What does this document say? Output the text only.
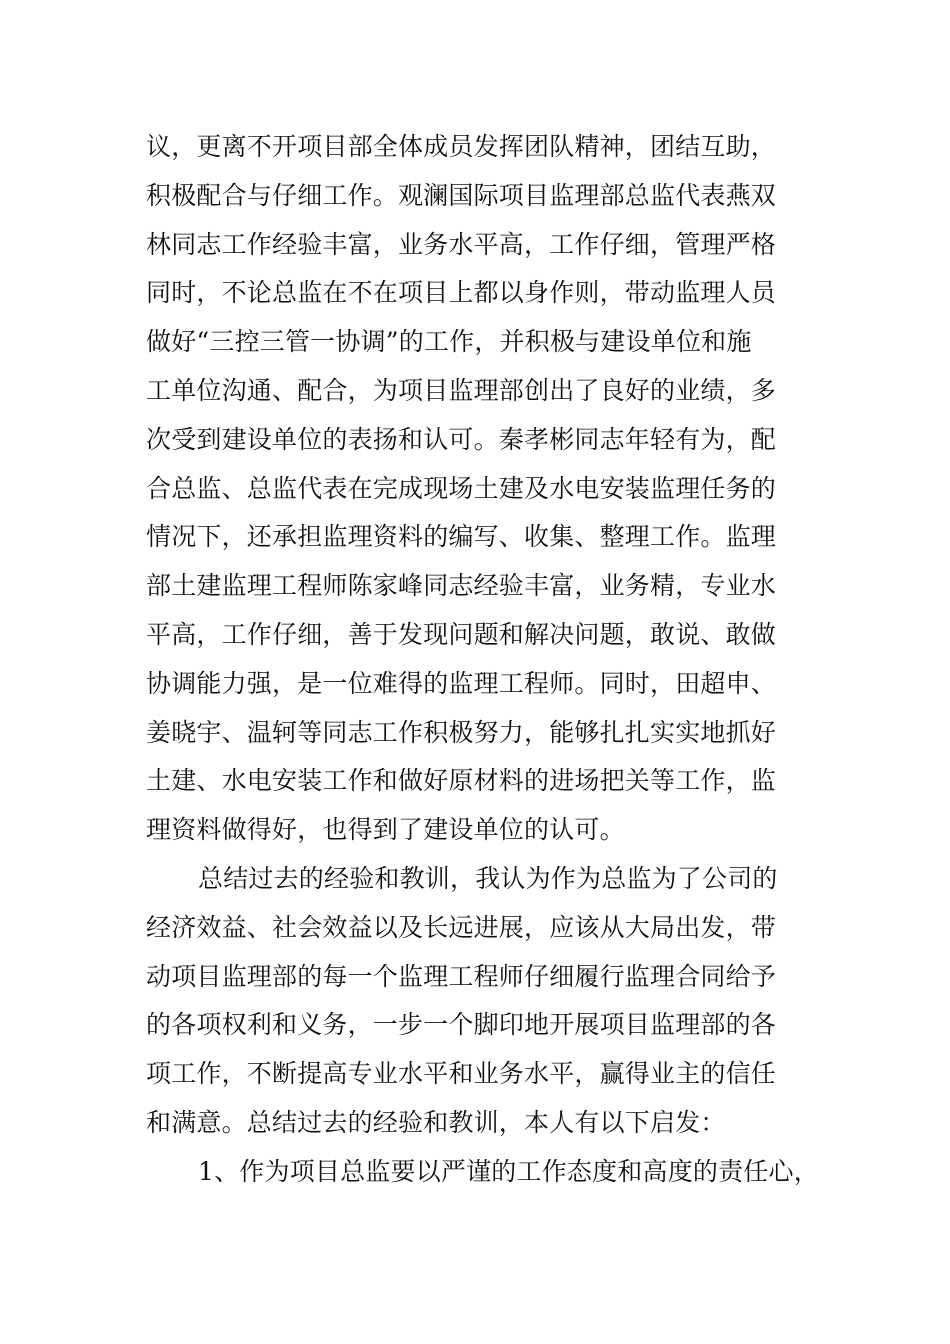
议，更离不开项目部全体成员发挥团队精神，团结互助，
积极配合与仔细工作。观澜国际项目监理部总监代表燕双
林同志工作经验丰富，业务水平高，工作仔细，管理严格
同时，不论总监在不在项目上都以身作则，带动监理人员
做好“三控三管一协调”的工作，并积极与建设单位和施
工单位沟通、配合，为项目监理部创出了良好的业绩，多
次受到建设单位的表扬和认可。秦孝彬同志年轻有为，配
合总监、总监代表在完成现场土建及水电安装监理任务的
情况下，还承担监理资料的编写、收集、整理工作。监理
部土建监理工程师陈家峰同志经验丰富，业务精，专业水
平高，工作仔细，善于发现问题和解决问题，敢说、敢做
协调能力强，是一位难得的监理工程师。同时，田超申、
姜晓宇、温轲等同志工作积极努力，能够扎扎实实地抓好
土建、水电安装工作和做好原材料的进场把关等工作，监
理资料做得好，也得到了建设单位的认可。
总结过去的经验和教训，我认为作为总监为了公司的
经济效益、社会效益以及长远进展，应该从大局出发，带
动项目监理部的每一个监理工程师仔细履行监理合同给予
的各项权利和义务，一步一个脚印地开展项目监理部的各
项工作，不断提高专业水平和业务水平，赢得业主的信任
和满意。总结过去的经验和教训，本人有以下启发：
1、作为项目总监要以严谨的工作态度和高度的责任心，
